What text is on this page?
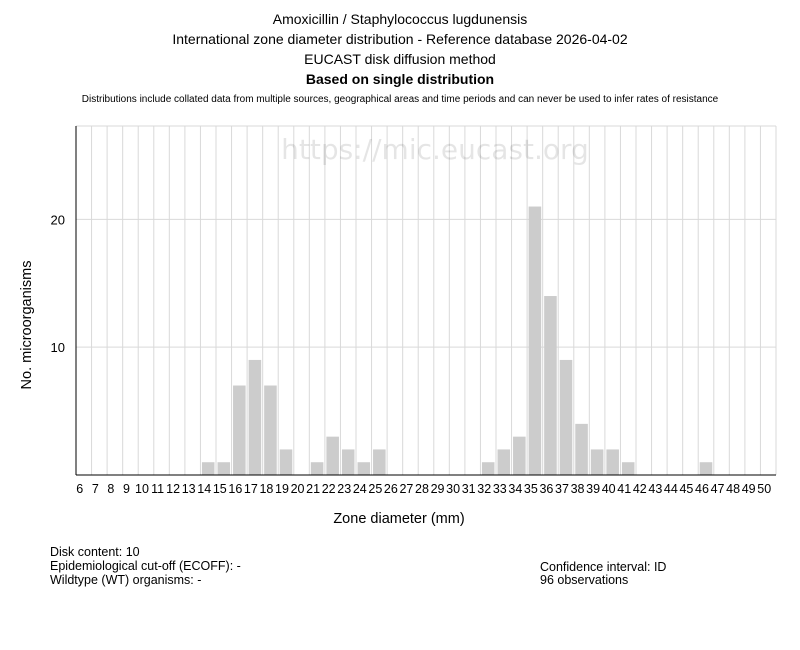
Amoxicillin / Staphylococcus lugdunensis
International zone diameter distribution - Reference database 2026-04-02
EUCAST disk diffusion method
Based on single distribution
Distributions include collated data from multiple sources, geographical areas and time periods and can never be used to infer rates of resistance
https://mic.eucast.org
10
20
6 7 8 9 10 11 12 13 14 15 16 17 18 19 20 21 22 23 24 25 26 27 28 29 30 31 32 33 34 35 36 37 38 39 40 41 42 43 44 45 46 47 48 49 50
Zone diameter (mm)
No. microorganisms
Disk content: 10
Epidemiological cut-off (ECOFF): -
Wildtype (WT) organisms: -
Confidence interval: ID
96 observations
